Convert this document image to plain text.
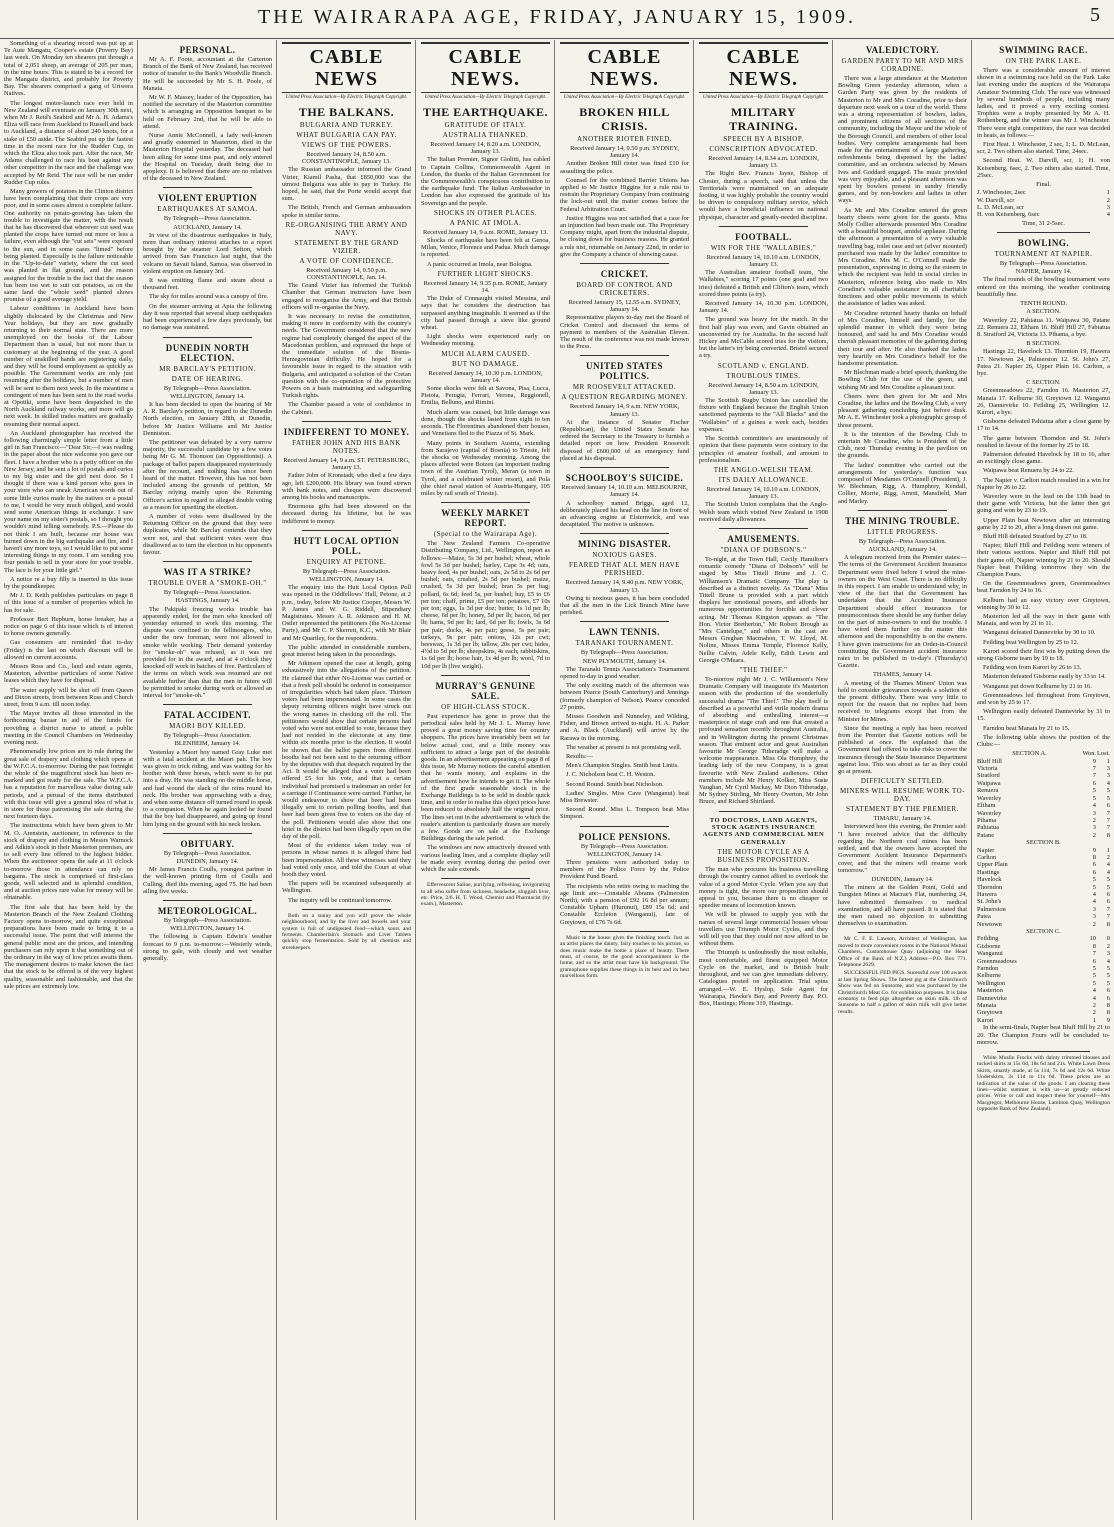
THE WAIRARAPA AGE, FRIDAY, JANUARY 15, 1909.	5

Something of a shearing record was put up at Te Aute Mangatu, Cooper's estate (Poverty Bay) last week. On Monday ten shearers put through a total of 2,051 sheep, an average of 205 per man, in the nine hours. This is stated to be a record for the Mangatu district, and probably for Poverty Bay. The shearers comprised a gang of Uriwera Natives.

The longest motor-launch race ever held in New Zealand will eventuate on January 30th next, when Mr J. Reid's Seabird and Mr A. H. Adams's Eliza will race from Auckland to Russell and back to Auckland, a distance of about 240 knots, for a stake of £50 aside. The Seabird put up the fastest time in the recent race for the Rudder Cup, in which the Eliza also took part. After the race, Mr Adams challenged to race his boat against any other competitor in the race and the challenge was accepted by Mr Reid. The race will be run under Rudder Cup rules.

Many growers of potatoes in the Clinton district have been complaining that their crops are very poor, and in some cases almost a complete failure. One authority on potato-growing has taken the trouble to investigate the matter, with the result that he has discovered that wherever cut seed was planted the crops have turned out more or less a failure, even although the "cut sets" were exposed to the sun, and in some cases "limed" before being planted. Especially is the failure noticeable in the "Up-to-date" variety, where the cut seed was planted in flat ground, and the reason assigned for the trouble is the fact that the season has been too wet to suit cut potatoes, as on the same land the "whole seed" planted shows promise of a good average yield.

Labour conditions in Auckland have been slightly dislocated by the Christmas and New Year holidays, but they are now gradually returning to their normal state. There are more unemployed on the books of the Labour Department than is usual, but not more than is customary at the beginning of the year. A good number of unskilled hands are registering daily, and they will be found employment as quickly as possible. The Government works are only just resuming after the holidays, but a number of men will be sent to them next week. In the meantime a contingent of men has been sent to the road works at Opotiki, some have been despatched to the North Auckland railway works, and more will go next week. In skilled trades matters are gradually resuming their normal aspect.

An Auckland photographer has received the following charmingly simple letter from a little girl in San Francisco:—"Dear Sir,—I was reading in the paper about the nice welcome you gave our fleet. I have a brother who is a petty officer on the New Jersey, and he sent a lot of postals and curios to my big sister and the girl next door. So I thought if there was a kind person who goes in your store who can sneak American words out of some little curios made by the natives or a postal to me, I would be very much obliged, and would send some American things in exchange. I saw your name on my sister's postals, so I thought you wouldn't mind telling somebody. P.S.—Please do not think I am built, because our house was burned down in the big earthquake and fire, and I haven't any more toys, so I would like to put some interesting things in my room. I am sending you four postals to sell in your store for your trouble. The lace is for your little girl."

A notice re a buy filly is inserted in this issue by the poundkeeper.

Mr J. D. Keith publishes particulars on page 8 of this issue of a number of properties which he has for sale.

Professor Bert Hepburn, horse breaker, has a notice on page 6 of this issue which is of interest to horse owners generally.

Gas consumers are reminded that to-day (Friday) is the last on which discount will be allowed on current accounts.

Messrs Ross and Co., land and estate agents, Masterton, advertise particulars of some Native leases which they have for disposal.

The water supply will be shut off from Queen and Dixon streets, from between Ross and Church street, from 9 a.m. till noon today.

The Mayor invites all those interested in the forthcoming bazaar in aid of the funds for providing a district nurse to attend a public meeting in the Council Chambers on Wednesday evening next.

Phenomenally low prices are to rule during the great sale of drapery and clothing which opens at the W.F.C.A. to-morrow. During the past fortnight the whole of the magnificent stock has been re-marked and got ready for the sale. The W.F.C.A. has a reputation for marvellous value during sale periods, and a perusal of the items distributed with this issue will give a general idea of what is in store for those patronising the sale during the next fourteen days.

The instructions which have been given to Mr M. O. Arenstein, auctioneer, in reference to the stock of drapery and clothing in Messrs Warnock and Adkin's stock in their Masterton premises, are to sell every line offered to the highest bidder. When the auctioneer opens the sale at 11 o'clock to-morrow those in attendance can rely on bargains. The stock is comprised of first-class goods, well selected and in splendid condition, and at auction prices rare value for money will be obtainable.

The first sale that has been held by the Masterton Branch of the New Zealand Clothing Factory opens to-morrow, and quite exceptional preparations have been made to bring it to a successful issue. The point that will interest the general public most are the prices, and intending purchasers can rely upon it that something out of the ordinary in the way of low prices awaits them. The management desires to make known the fact that the stock to be offered is of the very highest quality, seasonable and fashionable, and that the sale prices are extremely low.

PERSONAL.

Mr A. F. Foote, accountant at the Carterton Branch of the Bank of New Zealand, has received notice of transfer to the Bank's Woodville Branch. He will be succeeded by Mr S. H. Poole, of Manaia.

Mr W. F. Massey, leader of the Opposition, has notified the secretary of the Masterton committee which is arranging an Opposition banquet to be held on February 2nd, that he will be able to attend.

Nurse Annie McConnell, a lady well-known and greatly esteemed in Masterton, died in the Masterton Hospital yesterday. The deceased had been ailing for some time past, and only entered the Hospital on Tuesday, death being due to apoplexy. It is believed that there are no relatives of the deceased in New Zealand.

VIOLENT ERUPTION
EARTHQUAKES AT SAMOA.
By Telegraph—Press Association.
AUCKLAND, January 14.

In view of the disastrous earthquakes in Italy, more than ordinary interest attaches to a report brought by the steamer Lord Sefton, which arrived from San Francisco last night, that the volcano on Savaii Island, Samoa, was observed in violent eruption on January 3rd.

It was emitting flame and steam about a thousand feet.

The sky for miles around was a canopy of fire.

On the steamer arriving at Apia the following day it was reported that several sharp earthquakes had been experienced a few days previously, but no damage was sustained.

DUNEDIN NORTH ELECTION.
MR BARCLAY'S PETITION.
DATE OF HEARING.
By Telegraph—Press Association.
WELLINGTON, January 14.

It has been decided to open the hearing of Mr A. R. Barclay's petition, in regard to the Dunedin North election, on January 28th, at Dunedin, before Mr Justice Williams and Mr Justice Denniston.

The petitioner was defeated by a very narrow majority, the successful candidate by a few votes being Mr G. M. Thomson (an Oppositionist). A package of ballot papers disappeared mysteriously after the recount, and nothing has since been heard of the matter. However, this has not been included among the grounds of petition, Mr Barclay relying mainly upon the Returning Officer's action in regard to alleged double voting as a reason for upsetting the election.

A number of votes were disallowed by the Returning Officer on the ground that they were duplicates, while Mr Barclay contends that they were not, and that sufficient votes were thus disallowed as to turn the election in his opponent's favour.

WAS IT A STRIKE?
TROUBLE OVER A "SMOKE-OH."
By Telegraph—Press Association.
HASTINGS, January 14.

The Pakipaki freezing works trouble has apparently ended, for the men who knocked off yesterday returned to work this morning. The dispute was confined to the fellmongers, who, under the new foreman, were not allowed to smoke while working. Their demand yesterday for "smoke-oh" was refused, as it was not provided for in the award, and at 4 o'clock they knocked off work in batches of five. Particulars of the terms on which work was resumed are not available further than that the men in future will be permitted to smoke during work or allowed an interval for "smoke-oh."

FATAL ACCIDENT.
MAORI BOY KILLED.
By Telegraph—Press Association.
BLENHEIM, January 14.

Yesterday a Maori boy named Gray Luke met with a fatal accident at the Maori pah. The boy was given to trick riding, and was waiting for his brother with three horses, which were to be put into a dray. He was standing on the middle horse, and had wound the slack of the reins round his neck. His brother was approaching with a dray, and when some distance off turned round to speak to a companion. When he again looked he found that the boy had disappeared, and going up found him lying on the ground with his neck broken.

OBITUARY.
By Telegraph—Press Association.
DUNEDIN, January 14.

Mr James Francis Coulls, youngest partner in the well-known printing firm of Coulls and Culling, died this morning, aged 75. He had been ailing five weeks.

METEOROLOGICAL.
By Telegraph—Press Association.
WELLINGTON, January 14.

The following is Captain Edwin's weather forecast to 9 p.m. to-morrow:—Westerly winds, strong to gale, with cloudy and wet weather generally.

CABLE NEWS
United Press Association—By Electric Telegraph Copyright.
THE BALKANS.
BULGARIA AND TURKEY.
WHAT BULGARIA CAN PAY.
VIEWS OF THE POWERS.
Received January 14, 8.50 a.m. CONSTANTINOPLE, January 13.

The Russian ambassador informed the Grand Vizier, Kiamil Pasha, that £850,000 was the utmost Bulgaria was able to pay to Turkey. He hoped, he said, that the Porte would accept that sum.

The British, French and German ambassadors spoke in similar terms.

RE-ORGANISING THE ARMY AND NAVY.
STATEMENT BY THE GRAND VIZIER.
A VOTE OF CONFIDENCE.
Received January 14, 9.50 p.m. CONSTANTINOPLE, Jan. 14.

The Grand Vizier has informed the Turkish Chamber that German instructors have been engaged to reorganise the Army, and that British officers will re-organise the Navy.

It was necessary to revise the constitution, making it more in conformity with the country's needs. The Government considered that the new regime had completely changed the aspect of the Macedonian problem, and expressed the hope of the immediate solution of the Bosnia-Herzegovinian difficulty. He hoped for a favourable issue in regard to the situation with Bulgaria, and anticipated a solution of the Cretan question with the co-operation of the protective Powers on a basis maintaining and safeguarding Turkish rights.

The Chamber passed a vote of confidence in the Cabinet.

INDIFFERENT TO MONEY.
FATHER JOHN AND HIS BANK NOTES.
Received January 14, 9 a.m. ST. PETERSBURG, January 13.

Father John of Kronstadt, who died a few days ago, left £200,000. His library was found strewn with bank notes, and cheques were discovered among his books and manuscripts.

Enormous gifts had been showered on the deceased during his lifetime, but he was indifferent to money.

HUTT LOCAL OPTION POLL.
ENQUIRY AT PETONE.
By Telegraph—Press Association.
WELLINGTON, January 14.

The enquiry into the Hutt Local Option Poll was opened in the Oddfellows' Hall, Petone, at 2 p.m., today, before Mr Justice Cooper, Messrs W. P. James and W. G. Riddell, Stipendiary Magistrates. Messrs A. R. Atkinson and H. M. Ostler represented the petitioners (the No-License Party), and Mr C. P. Skerrett, K.C., with Mr Blair and Mr Quartley, for the respondents.

The public attended in considerable numbers, great interest being taken in the proceedings.

Mr Atkinson opened the case at length, going exhaustively into the allegations of the petition. He claimed that either No-License was carried or that a fresh poll should be ordered in consequence of irregularities which had taken place. Thirteen voters had been impersonated. In some cases the deputy returning officers might have struck out the wrong names in checking off the roll. The petitioners would show that certain persons had voted who were not entitled to vote, because they had not resided in the electorate at any time within six months prior to the election. It would be shown that the ballot papers from different booths had not been sent to the returning officer by the deputies with that despatch required by the Act. It would be alleged that a voter had been offered £5 for his vote, and that a certain individual had promised a tradesman an order for a carriage if Continuance were carried. Further, he would endeavour to show that beer had been illegally sent to certain polling booths, and that beer had been given free to voters on the day of the poll. Petitioners would also show that one hotel in the district had been illegally open on the day of the poll.

Most of the evidence taken today was of persons in whose names it is alleged there had been impersonation. All these witnesses said they had voted only once, and told the Court at what booth they voted.

The papers will be examined subsequently at Wellington.

The inquiry will be continued tomorrow.

Both on a sunny and you will prove the whole neighbourhood, and by the liver and bowels and your system is full of undigested food—which sours and ferments. Chamberlain's Stomach and Liver Tablets quickly stop fermentation. Sold by all chemists and storekeepers.

CABLE NEWS.
United Press Association—By Electric Telegraph Copyright.
THE EARTHQUAKE.
GRATITUDE OF ITALY.
AUSTRALIA THANKED.
Received January 14, 8.20 a.m. LONDON, January 13.

The Italian Premier, Signor Giolitti, has cabled to Captain Collins, Commonwealth Agent in London, the thanks of the Italian Government for the Commonwealth's conspicuous contribution to the earthquake fund. The Italian Ambassador in London has also expressed the gratitude of his Sovereign and the people.

SHOCKS IN OTHER PLACES.
A PANIC AT IMOLA.
Received January 14, 9 a.m. ROME, January 13.

Shocks of earthquake have been felt at Genoa, Milan, Venice, Florence and Padua. Much damage is reported.

A panic occurred at Imola, near Bologna.

FURTHER LIGHT SHOCKS.
Received January 14, 9.35 p.m. ROME, January 14.

The Duke of Connaught visited Messina, and says that he considers the destruction has surpassed anything imaginable. It seemed as if the city had passed through a sieve like ground wheat.

Light shocks were experienced early on Wednesday morning.

MUCH ALARM CAUSED.
BUT NO DAMAGE.
Received January 14, 10.30 p.m. LONDON, January 14.

Some shocks were felt at Savona, Pisa, Lucca, Pistoia, Perugia, Ferrari, Verona, Reggionell, Emilia, Belluno, and Rimini.

Much alarm was caused, but little damage was done, though the shocks lasted from eight to ten seconds. The Florentines abandoned their houses, and Venetians fled to the Piazza of St. Mark.

Many points in Southern Austria, extending from Sarajevo (capital of Bosnia) to Trieste, felt the shocks on Wednesday morning. Among the places affected were Botzen (an important trading town of the Austrian Tyrol), Meran (a town in Tyrol, and a celebrated winter resort), and Pola (the chief naval station of Austria-Hungary, 105 miles by rail south of Trieste).

WEEKLY MARKET REPORT.
(Special to the Wairarapa Age).

The New Zealand Farmers Co-operative Distributing Company, Ltd., Wellington, report as follows:—Maize, 5s 3d per bushel; wheat, whole fowl 5s 3d per bushel; barley, Cape 3s 4d; oats, heavy feed, 4s per bushel; oats, 2s 5d to 2s 6d per bushel; oats, crushed, 2s 5d per bushel; maize, crushed, 5s 3d per bushel; bran 5s per bag; pollard, 6s 6d; feed 5s, per bushel; hay, £5 to £6 per ton; chaff, prime, £5 per ton; potatoes, £7 10s per ton; eggs, 1s 3d per doz; butter, 1s 1d per lb; cheese, 6d per lb; honey, 5d per lb; bacon, 6d per lb; hams, 9d per lb; lard, 6d per lb; fowls, 3s 6d per pair; ducks, 4s per pair; geese, 5s per pair; turkeys, 9s per pair; onions, 12s per cwt; beeswax, 1s 3d per lb; tallow, 20s per cwt; hides, 4½d to 5d per lb; sheepskins, 4s each; rabbitskins, 1s 6d per lb; horse hair, 1s 4d per lb; wool, 7d to 10d per lb (live weight).

MURRAY'S GENUINE SALE.
OF HIGH-CLASS STOCK.

Past experience has gone to prove that the periodical sales held by Mr J. L. Murray have proved a great money saving time for country shoppers. The prices have invariably been set far below actual cost, and a little money was sufficient to attract a large part of the desirable goods. In an advertisement appearing on page 8 of this issue, Mr Murray notices the careful attention that he wants money, and explains in the advertisement how he intends to get it. The whole of the first grade seasonable stock in the Exchange Buildings is to be sold in double quick time, and in order to realise this object prices have been reduced to absolutely half the original price. The lines set out in the advertisement to which the reader's attention is particularly drawn are merely a few. Goods are on sale at the Exchange Buildings during the sale period.

The windows are now attractively dressed with various leading lines, and a complete display will be made every evening during the period over which the sale extends.

Effervescent Saline, purifying, refreshing, invigorating to all who suffer from sickness, headache, sluggish liver, etc. Price, 2/6. H. T. Wood, Chemist and Pharmacist (by exam.), Masterton.

CABLE NEWS.
United Press Association—By Electric Telegraph Copyright.
BROKEN HILL CRISIS.
ANOTHER RIOTER FINED.
Received January 14, 9.50 p.m. SYDNEY, January 14.

Another Broken Hill rioter was fined £10 for assaulting the police.

Counsel for the combined Barrier Unions has applied to Mr Justice Higgins for a rule nisi to restrain the Proprietary Company from continuing the lock-out until the matter comes before the Federal Arbitration Court.

Justice Higgins was not satisfied that a case for an injunction had been made out. The Proprietary Company might, apart from the industrial dispute, be closing down for business reasons. He granted a rule nisi, returnable on January 22nd, in order to give the Company a chance of showing cause.

CRICKET.
BOARD OF CONTROL AND CRICKETERS.
Received January 15, 12.55 a.m. SYDNEY, January 14.

Representative players to-day met the Board of Cricket Control and discussed the terms of payment to members of the Australian Eleven. The result of the conference was not made known to the Press.

UNITED STATES POLITICS.
MR ROOSEVELT ATTACKED.
A QUESTION REGARDING MONEY.
Received January 14, 9 a.m. NEW YORK, January 13.

At the instance of Senator Fischer (Republican), the United States Senate has ordered the Secretary to the Treasury to furnish a detailed report on how President Roosevelt disposed of £600,000 of an emergency fund placed at his disposal.

SCHOOLBOY'S SUICIDE.
Received January 14, 10.10 a.m. MELBOURNE, January 14.

A schoolboy named Briggs, aged 12, deliberately placed his head on the line in front of an advancing engine at Elsternwick, and was decapitated. The motive is unknown.

MINING DISASTER.
NOXIOUS GASES.
FEARED THAT ALL MEN HAVE PERISHED.
Received January 14, 9.40 p.m. NEW YORK, January 13.

Owing to noxious gases, it has been concluded that all the men in the Lick Branch Mine have perished.

LAWN TENNIS.
TARANAKI TOURNAMENT.
By Telegraph—Press Association.
NEW PLYMOUTH, January 14.

The Taranaki Tennis Association's Tournament opened to-day in good weather.

The only exciting match of the afternoon was between Pearce (South Canterbury) and Jennings (formerly champion of Nelson). Pearce conceded 27 points.

Misses Goodwin and Nunneley, and Wilding, Fisher, and Brown arrived to-night. H. A. Parker and A. Black (Auckland) will arrive by the Rarawa in the morning.

The weather at present is not promising well.

Results:—

Men's Champion Singles. Smith beat Lintis.

J. C. Nicholson beat C. H. Weston.

Second Round. Smith beat Nicholson.

Ladies' Singles. Miss Cave (Wanganui) beat Miss Brewster.

Second Round. Miss L. Tompson beat Miss Simpson.

POLICE PENSIONS.
By Telegraph—Press Association.
WELLINGTON, January 14.

Three pensions were authorised today to members of the Police Force by the Police Provident Fund Board.

The recipients who retire owing to reaching the age limit are:—Constable Abrams (Palmerston North), with a pension of £92 16 8d per annum; Constable Upham (Hurunui), £89 15s 6d; and Constable Eccleton (Wanganui), late of Greytown, of £76 7s 6d.

Music in the house gives the finishing touch. Just as an artist places the dainty, fairy touches to his picture, so does music make the home a place of beauty. There must, of course, be the good accompaniment in the home, and so the artist must have his background. The gramophone supplies these things in its best and its best marvellous form.

CABLE NEWS.
United Press Association—By Electric Telegraph Copyright.
MILITARY TRAINING.
SPEECH BY A BISHOP.
CONSCRIPTION ADVOCATED.
Received January 14, 8.34 a.m. LONDON, January 13.

The Right Rev. Francis Jayne, Bishop of Chester, during a speech, said that unless the Territorials were maintained on an adequate footing, it was highly probable the country would be driven to compulsory military service, which would have a beneficial influence on national physique, character and greatly-needed discipline.

FOOTBALL.
WIN FOR THE "WALLABIES."
Received January 14, 10.10 a.m. LONDON, January 13.

The Australian amateur football team, "the Wallabies," scoring 17 points (one goal and two tries) defeated a British and Clifton's team, which scored three points (a try).

Received January 14, 10.30 p.m. LONDON, January 14.

The ground was heavy for the match. In the first half play was even, and Gavin obtained an unconverted try for Australia. In the second half Hickey and McCable scored tries for the visitors, but the latter's try being converted. Bristol secured a try.

SCOTLAND v. ENGLAND.
TROUBLOUS TIMES.
Received January 14, 8.50 a.m. LONDON, January 13.

The Scottish Rugby Union has cancelled the fixture with England because the English Union sanctioned payments to the "All Blacks" and the "Wallabies" of a guinea a week each, besides expenses.

The Scottish committee's are unanimously of opinion that these payments were contrary to the principles of amateur football, and amount to professionalism.

THE ANGLO-WELSH TEAM.
ITS DAILY ALLOWANCE.
Received January 14, 10.10 a.m. LONDON, January 13.

The Scottish Union complains that the Anglo-Welsh team which visited New Zealand in 1908 received daily allowances.

AMUSEMENTS.
"DIANA OF DOBSON'S."

To-night, at the Town Hall, Cecily Hamilton's romantic comedy "Diana of Dobson's" will be staged by Miss Tittell Brune and J. C. Williamson's Dramatic Company. The play is described as a distinct novelty. As "Diana" Miss Tittell Brune is provided with a part which displays her emotional powers, and affords her numerous opportunities for forcible and clever acting. Mr Thomas Kingston appears as "The Hon. Victor Bretherton," Mr Robert Brough as "Mrs Cantelupe," and others in the cast are Messrs Greghan Macmahon, T. W. Lloyd, M. Noline, Misses Emma Temple, Florence Kelly, Nellie Calvin, Adele Kelly, Edith Lewis and Georgie O'Meara.

"THE THIEF."

To-morrow night Mr J. C. Williamson's New Dramatic Company will inaugurate it's Masterton season with the production of the wonderfully successful drama "The Thief." The play itself is described as a powerful and virile modern drama of absorbing and enthralling interest—a masterpiece of stage craft and one that created a profound sensation recently throughout Australia, and in Wellington during the present Christmas season. That eminent actor and great Australian favourite Mr George Titheradge will make a welcome reappearance. Miss Ola Humphrey, the leading lady of the new Company, is a great favourite with New Zealand audiences. Other members include Mr Henry Kolker, Miss Susie Vaughan, Mr Cyril Mackay, Mr Dion Titheradge, Mr Sydney Stirling, Mr Henry Overton, Mr John Bruce, and Richard Shirtland.

TO DOCTORS, LAND AGENTS, STOCK AGENTS INSURANCE AGENTS AND COMMERCIAL MEN GENERALLY
THE MOTOR CYCLE AS A BUSINESS PROPOSITION.

The man who procures his business travelling through the country cannot afford to overlook the value of a good Motor Cycle. When you say that money is tight, the more our proposition should appeal to you, because there is no cheaper or speedier means of locomotion known.

We will be pleased to supply you with the names of several large commercial houses whose travellers use Triumph Motor Cycles, and they will tell you that they could not now afford to be without them.

The Triumph is undoubtedly the most reliable, most comfortable, and finest equipped Motor Cycle on the market, and is British built throughout, and we can give immediate delivery. Catalogues posted on application. Trial spins arranged.—W. E. Hyslop, Sole Agent for Wairarapa, Hawke's Bay, and Poverty Bay. P.O. Box, Hastings; Phone 319, Hastings.

VALEDICTORY.
GARDEN PARTY TO MR AND MRS CORADINE.

There was a large attendance at the Masterton Bowling Green yesterday afternoon, when a Garden Party was given by the residents of Masterton to Mr and Mrs Coradine, prior to their departure next week on a tour of the world. There was a strong representation of bowlers, ladies, and prominent citizens of all sections of the community, including the Mayor and the whole of the Borough Council, and members of other local bodies. Very complete arrangements had been made for the entertainment of a large gathering, refreshments being dispensed by the ladies' committee, and an orchestra selected by Messrs Ives and Goddard engaged. The music provided was very enjoyable, and a pleasant afternoon was spent by bowlers present in sundry friendly games, and by non-bowlers and ladies in other ways.

As Mr and Mrs Coradine entered the green hearty cheers were given for the guests. Miss Molly Collier afterwards presented Mrs Coradine with a beautiful bouquet, amidst applause. During the afternoon a presentation of a very valuable travelling bag, toilet case and set (silver mounted) purchased was made by the ladies' committee to Mrs Coradine. Mrs M. C. O'Connell made the presentation, expressing in doing so the esteem in which the recipient was held in social circles in Masterton, reference being also made to Mrs Coradine's valuable assistance in all charitable functions and other public movements in which the assistance of ladies was asked.

Mr Coradine returned hearty thanks on behalf of Mrs Coradine, himself and family, for the splendid manner in which they were being honoured, and said he and Mrs Coradine would cherish pleasant memories of the gathering during their tour and after. He also thanked the ladies very heartily on Mrs Coradine's behalf for the handsome presentation.

Mr Blechman made a brief speech, thanking the Bowling Club for the use of the green, and wishing Mr and Mrs Coradine a pleasant tour.

Cheers were then given for Mr and Mrs Coradine, the ladies and the Bowling Club, a very pleasant gathering concluding just before dusk. Mr A. E. Winchester took a photographic group of those present.

It is the intention of the Bowling Club to entertain Mr Coradine, who is President of the Club, next Thursday evening in the pavilion on the grounds.

The ladies' committee who carried out the arrangements for yesterday's function was composed of Mesdames O'Connell (President), J. W. Blechman, Rigg, A. Humphrey, Kendall, Collier, Morrie, Rigg, Arnott, Mansfield, Marr and Marley.

THE MINING TROUBLE.
LITTLE PROGRESS.
By Telegraph—Press Association.
AUCKLAND, January 14.

A telegram received from the Premier states:—The terms of the Government Accident Insurance Department were fixed before I wired the mine-owners on the West Coast. There is no difficulty in this respect. I am unable to understand why, in view of the fact that the Government has undertaken that the Accident Insurance Department should effect insurances for pneumoconiosis there should be any further delay on the part of mine-owners to end the trouble. I have wired them further on the matter this afternoon and the responsibility is on the owners. I have given instructions for an Order-in-Council constituting the Government accident insurance rates to be published in to-day's (Thursday's) Gazette.

THAMES, January 14.

A meeting of the Thames Miners' Union was held to consider grievances towards a solution of the present difficulty. There was very little to report for the reason that no replies had been received to telegrams except that from the Minister for Mines.

Since the meeting a reply has been received from the Premier that Gazette notices will be published at once. He explained that the Government had offered to take risks to cover the insurance through the State Insurance Department against loss. This was about as far as they could go at present.

DIFFICULTY SETTLED.
MINERS WILL RESUME WORK TO-DAY.
STATEMENT BY THE PREMIER.
TIMARU, January 14.

Interviewed here this evening, the Premier said: "I have received advice that the difficulty regarding the Northern coal mines has been settled, and that the owners have accepted the Government Accident Insurance Department's cover, and that the miners will resume work tomorrow."

DUNEDIN, January 14.

The miners at the Golden Point, Gold and Tungsten Mines at Macrae's Flat, numbering 24, have submitted themselves to medical examination, and all have passed. It is stated that the men raised no objection to submitting themselves to examination.

Mr C. F. E. Lawson, Architect of Wellington, has moved to more convenient rooms in the National Mutual Chambers, Customhouse Quay (adjoining the Head Office of the Bank of N.Z.) Address—P.O. Box 771. Telephone 2629.

SUCCESSFUL FED PIGS. Sucessful over 100 awards at last Spring Shows. The fattest pig at the Christchurch Show was fed on Sunsome, and was purchased by the Christchurch Meat Co. for exhibition purposes. It is false economy to feed pigs altogether on skim milk. 1lb of Sunsome to half a gallon of skim milk will give better results.

SWIMMING RACE.
ON THE PARK LAKE.

There was a considerable amount of interest shown in a swimming race held on the Park Lake last evening under the auspices of the Wairarapa Amateur Swimming Club. The race was witnessed by several hundreds of people, including many ladies, and it proved a very exciting contest. Trophies were a trophy presented by Mr A. H. Rothenberg, and the winner was Mr J. Winchester. There were eight competitors, the race was decided in heats, as follows:—

First Heat. J. Winchester, 2 sec, 1; L. D. McLean, scr, 2. Two others also started. Time, 24sec.

Second Heat. W. Darvill, scr, 1; H. von Keisenberg, 6sec, 2. Two others also started. Time, 25sec.

Final.
J. Winchester, 2sec	1
W. Darvill, scr	2
L. D. McLean, scr	3
H. von Keisenberg, 6sec	4
Time, 31 2-5sec.
BOWLING.
TOURNAMENT AT NAPIER.
By Telegraph—Press Association.
NAPIER, January 14.

The final rounds of the bowling tournament were entered on this morning, the weather continuing beautifully fine.

TENTH ROUND.
A SECTION.

Waverley 22, Pahiatua 11. Waipawa 30, Patane 22. Renuera 22, Eltham 16. Bluff Hill 27, Fabiatua 8. Stratford 24, Victoria 13. Pihama, a bye.

B SECTION.

Hastings 22, Havelock 13. Thornton 19, Hawera 17. Newtown 24, Palmerston 12. St. John's 27, Patea 21. Napier 26, Upper Plain 16. Carlton, a bye.

C SECTION.

Greenmeadows 22, Farndon 16. Masterton 27, Manaia 17. Kelburne 30, Greytown 12. Wanganui 26, Dannevirke 10. Feilding 25, Wellington 12. Karori, a bye.

Gisborne defeated Pahiatua after a close game by 17 to 14.

The game between Thorndon and St. John's resulted in favour of the former by 25 to 18.

Palmerston defeated Havelock by 18 to 16, after an excitingly close game.

Waipawa beat Renuera by 24 to 22.

The Napier v. Carlton match resulted in a win for Napier by 26 to 22.

Waverley were in the lead on the 13th head in their game with Victoria, but the latter then got going and won by 23 to 19.

Upper Plain beat Newtown after an interesting game by 22 to 20, after a long drawn out game.

Bluff Hill defeated Stratford by 27 to 18.

Napier, Bluff Hill and Feilding were winners of their various sections. Napier and Bluff Hill put their game off, Napier winning by 21 to 20. Should Napier beat Feilding tomorrow they win the Champion Fours.

On the Greenmeadows green, Greenmeadows beat Farndon by 24 to 16.

Kelburn had an easy victory over Greytown, winning by 30 to 12.

Masterton led all the way in their game with Manaia, and won by 21 to 11.

Wanganui defeated Dannevirke by 30 to 10.

Feilding beat Wellington by 25 to 12.

Karori scored their first win by putting down the strong Gisborne team by 19 to 18.

Feilding won from Karori by 26 to 13.

Masterton defeated Gisborne easily by 33 to 14.

Wanganui put down Kelburne by 21 to 16.

Greenmeadows led throughout from Greytown, and won by 25 to 17.

Wellington easily defeated Dannevirke by 31 to 15.

Farndon beat Manaia by 21 to 15.

The following table shows the position of the Clubs:—

SECTION A.	Won.	Lost.
Bluff Hill	9	1
Victoria	7	3
Stratford	7	3
Waipawa	6	4
Renuera	5	5
Waverley	5	5
Eltham	4	6
Waverley	3	7
Pihama	2	7
Pahiatua	3	7
Patane	2	8
SECTION B.		
Napier	9	1
Carlton	8	2
Upper Plain	6	4
Hastings	6	4
Havelock	5	5
Thorndon	5	5
Hawera	4	6
St. John's	4	6
Palmerston	3	7
Patea	3	7
Newtown	2	8
SECTION C.		
Feilding	10	0
Gisborne	8	2
Wanganui	7	3
Greenmeadows	6	4
Farndon	5	5
Kelburne	5	5
Wellington	5	5
Masterton	4	6
Dannevirke	4	6
Manaia	2	8
Greytown	2	8
Karori	1	9

In the semi-finals, Napier beat Bluff Hill by 21 to 20. The Champion Fours will be concluded to-morrow.

White Muslin Frocks with dainty trimmed blouses and tucked skirts at 15s 6d, 18s 6d and 21s. White Lawn Dress Skirts, smartly made, at 5s 11d, 7s 6d and 12s 6d. White Underskirts, 2s 11d to 11s 6d. These prices are an indication of the value of the goods. I am clearing these lines—whilst summer is with us—at greatly reduced prices. Write or call and inspect these for yourself—Mrs Macgregor, Melbourne House, Lambton Quay, Wellington (opposite Bank of New Zealand).
